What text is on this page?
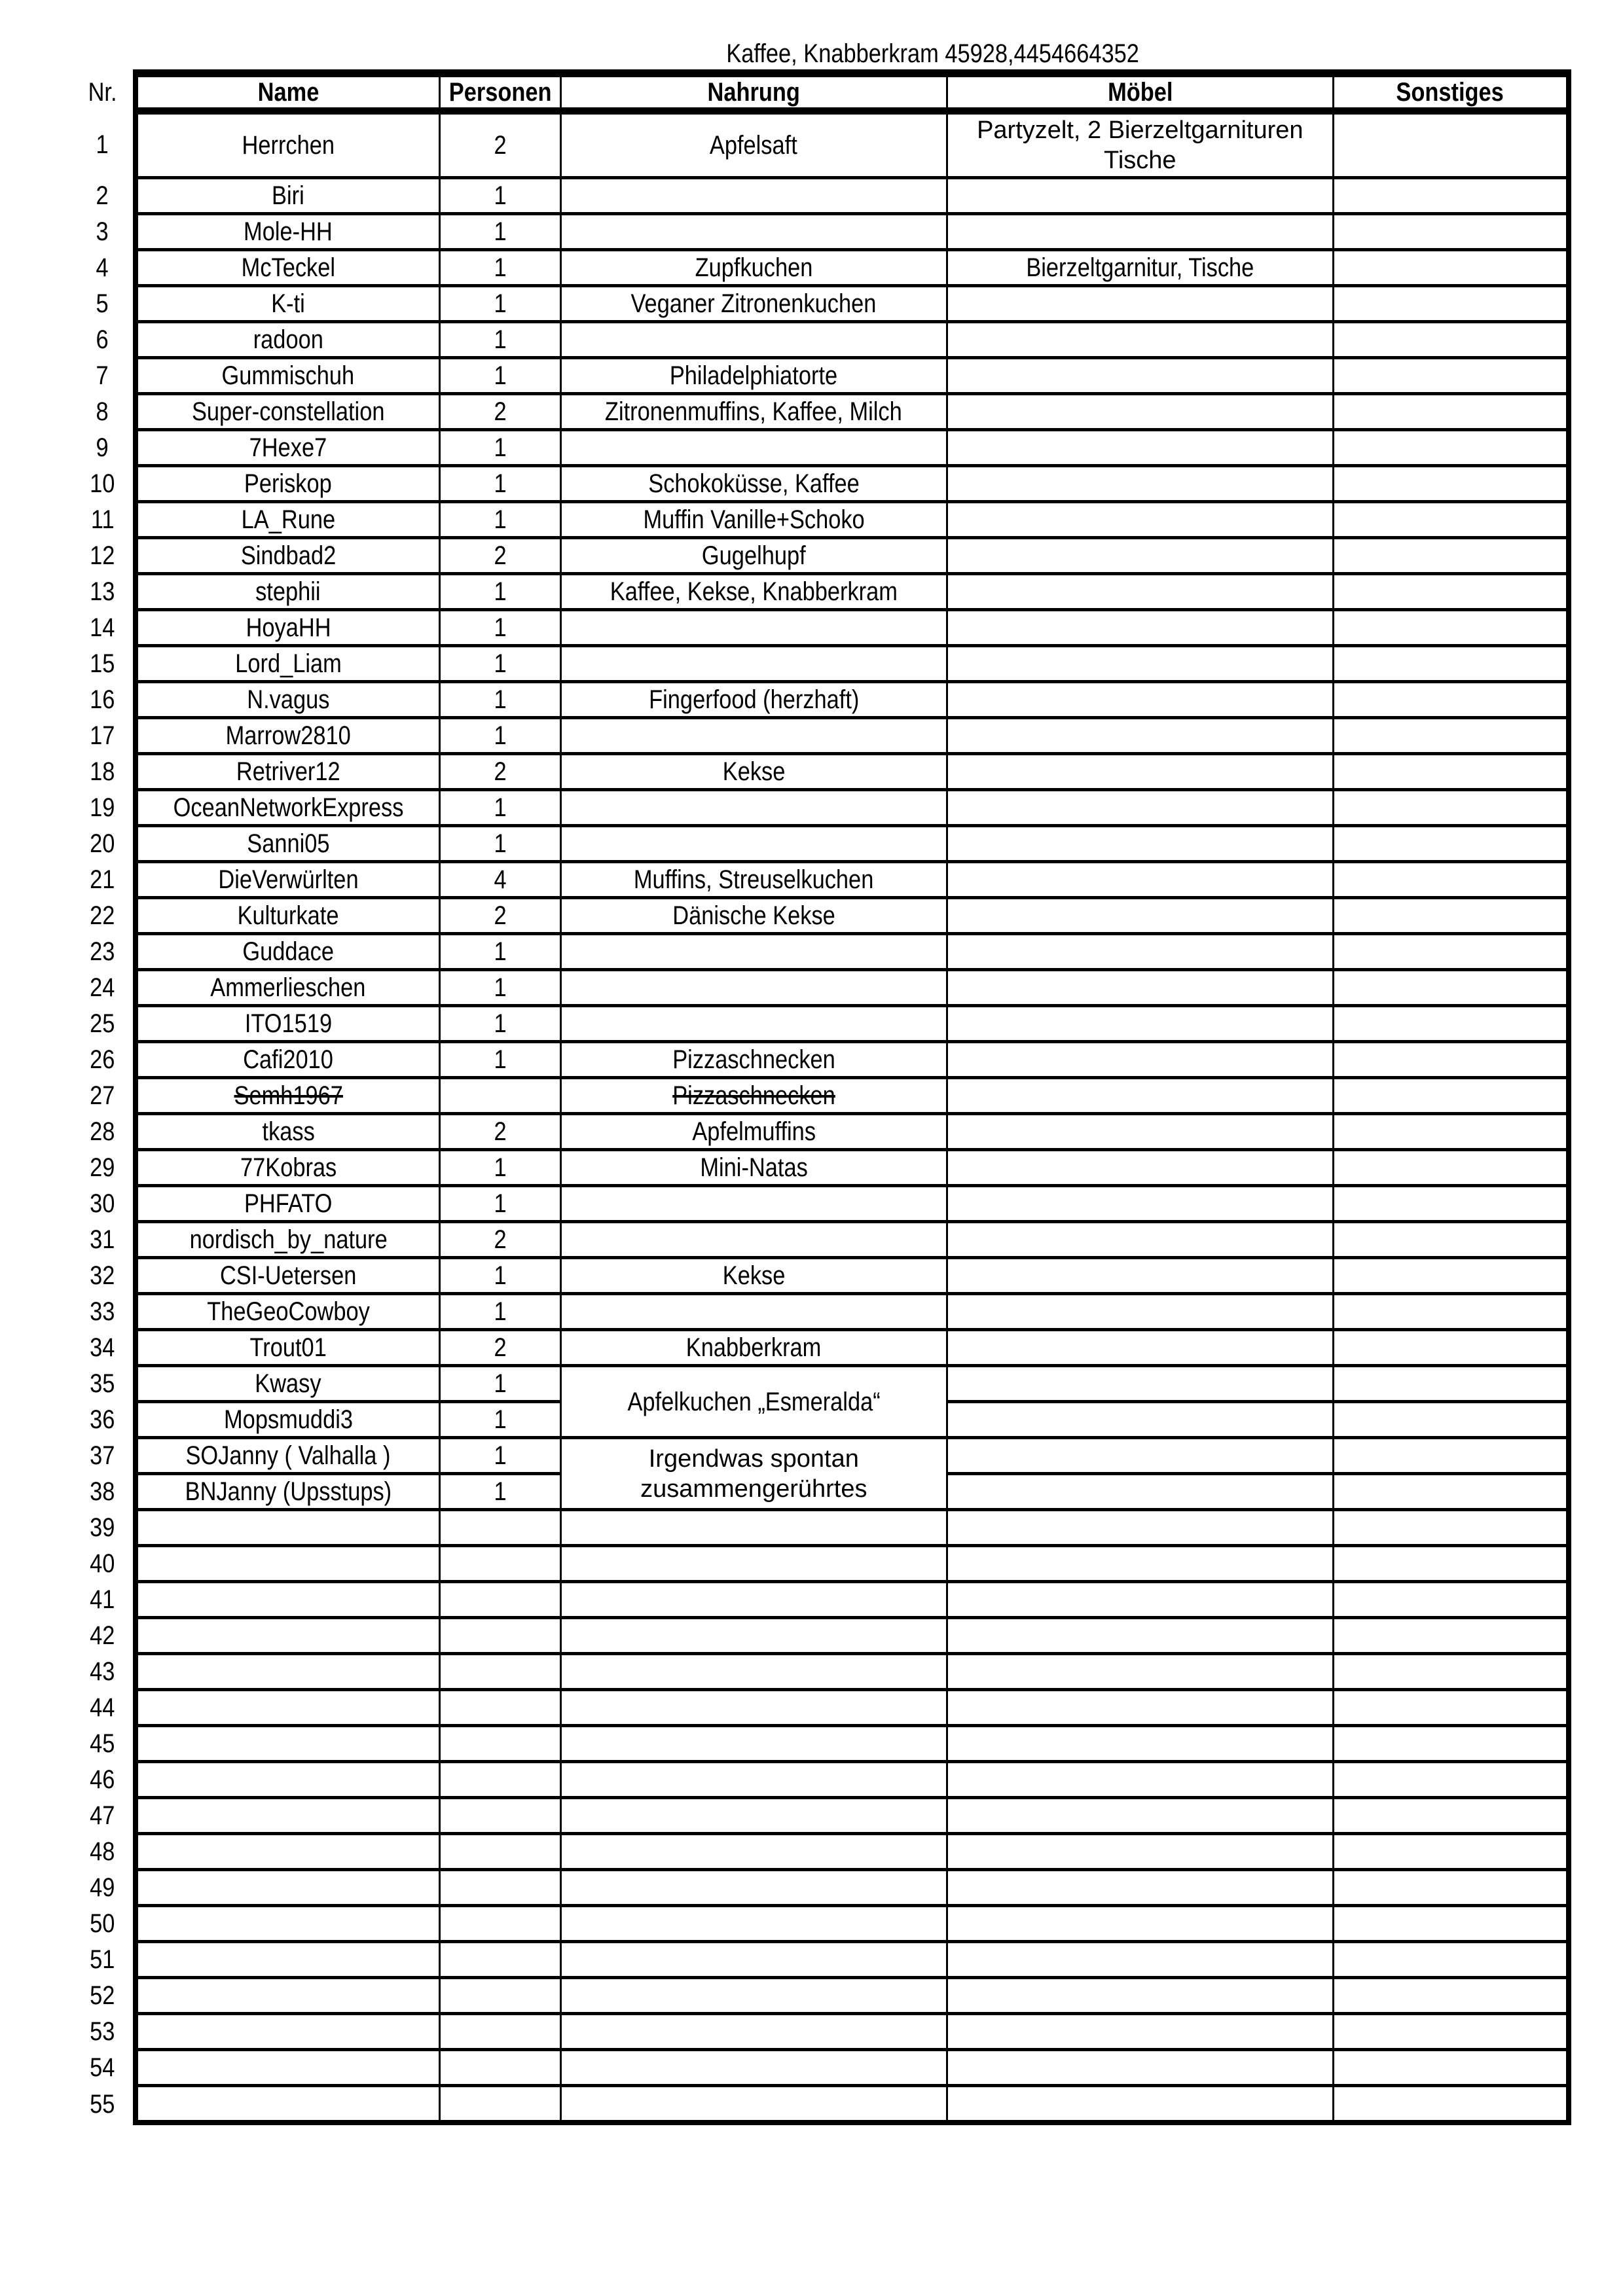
Kaffee, Knabberkram 45928,4454664352
Nr.	Name	Personen	Nahrung	Möbel	Sonstiges
1	Herrchen	2	Apfelsaft	Partyzelt, 2 Bierzeltgarnituren Tische	
2	Biri	1			
3	Mole-HH	1			
4	McTeckel	1	Zupfkuchen	Bierzeltgarnitur, Tische	
5	K-ti	1	Veganer Zitronenkuchen		
6	radoon	1			
7	Gummischuh	1	Philadelphiatorte		
8	Super-constellation	2	Zitronenmuffins, Kaffee, Milch		
9	7Hexe7	1			
10	Periskop	1	Schokoküsse, Kaffee		
11	LA_Rune	1	Muffin Vanille+Schoko		
12	Sindbad2	2	Gugelhupf		
13	stephii	1	Kaffee, Kekse, Knabberkram		
14	HoyaHH	1			
15	Lord_Liam	1			
16	N.vagus	1	Fingerfood (herzhaft)		
17	Marrow2810	1			
18	Retriver12	2	Kekse		
19	OceanNetworkExpress	1			
20	Sanni05	1			
21	DieVerwürlten	4	Muffins, Streuselkuchen		
22	Kulturkate	2	Dänische Kekse		
23	Guddace	1			
24	Ammerlieschen	1			
25	ITO1519	1			
26	Cafi2010	1	Pizzaschnecken		
27	Semh1967		Pizzaschnecken		
28	tkass	2	Apfelmuffins		
29	77Kobras	1	Mini-Natas		
30	PHFATO	1			
31	nordisch_by_nature	2			
32	CSI-Uetersen	1	Kekse		
33	TheGeoCowboy	1			
34	Trout01	2	Knabberkram		
35	Kwasy	1	Apfelkuchen „Esmeralda“		
36	Mopsmuddi3	1			
37	SOJanny ( Valhalla )	1	Irgendwas spontan zusammengerührtes		
38	BNJanny (Upsstups)	1			
39					
40					
41					
42					
43					
44					
45					
46					
47					
48					
49					
50					
51					
52					
53					
54					
55					
